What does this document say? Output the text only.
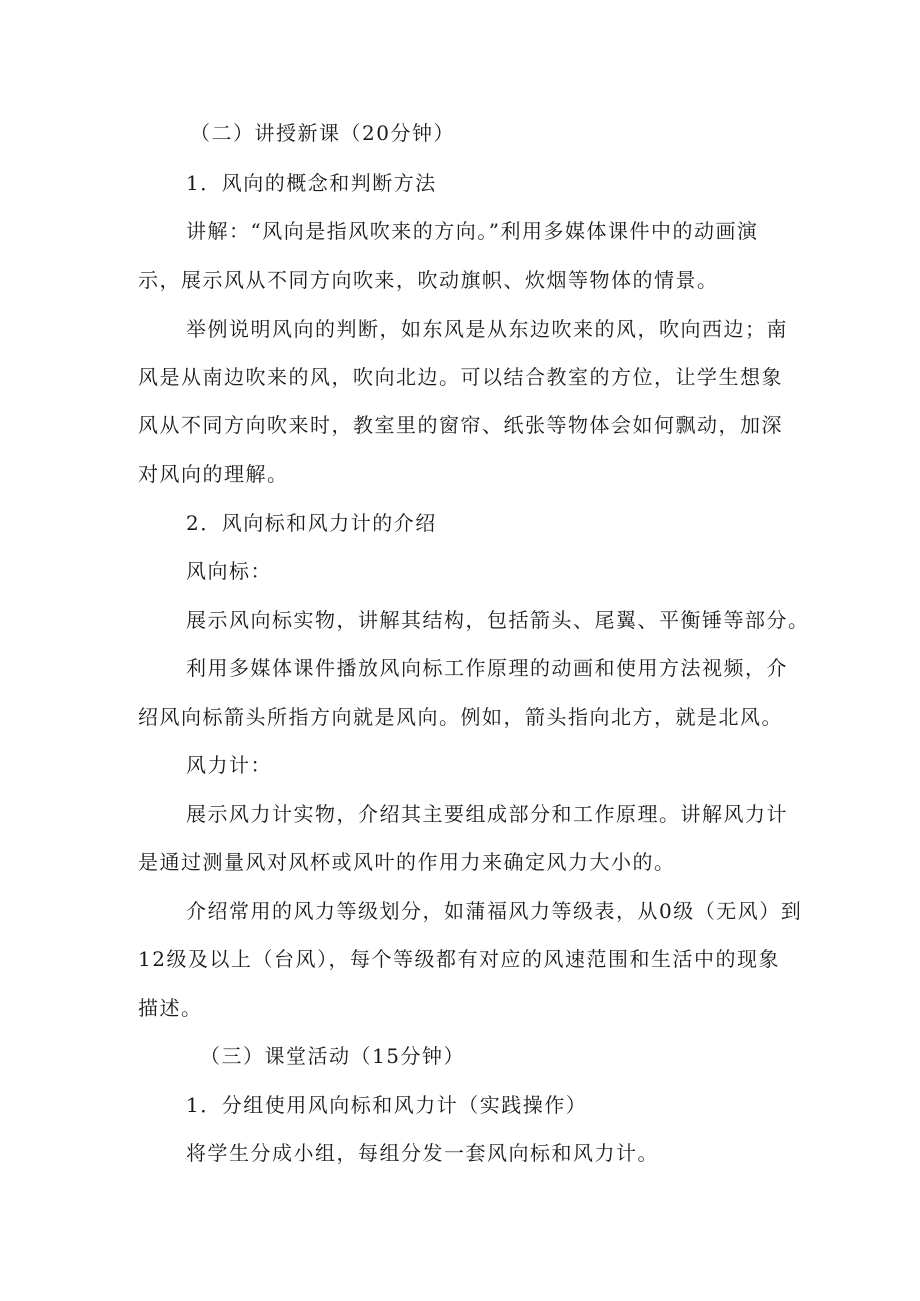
（二）讲授新课（20分钟）
1．风向的概念和判断方法
讲解：“风向是指风吹来的方向。”利用多媒体课件中的动画演
示，展示风从不同方向吹来，吹动旗帜、炊烟等物体的情景。
举例说明风向的判断，如东风是从东边吹来的风，吹向西边；南
风是从南边吹来的风，吹向北边。可以结合教室的方位，让学生想象
风从不同方向吹来时，教室里的窗帘、纸张等物体会如何飘动，加深
对风向的理解。
2．风向标和风力计的介绍
风向标：
展示风向标实物，讲解其结构，包括箭头、尾翼、平衡锤等部分。
利用多媒体课件播放风向标工作原理的动画和使用方法视频，介
绍风向标箭头所指方向就是风向。例如，箭头指向北方，就是北风。
风力计：
展示风力计实物，介绍其主要组成部分和工作原理。讲解风力计
是通过测量风对风杯或风叶的作用力来确定风力大小的。
介绍常用的风力等级划分，如蒲福风力等级表，从0级（无风）到
12级及以上（台风），每个等级都有对应的风速范围和生活中的现象
描述。
（三）课堂活动（15分钟）
1．分组使用风向标和风力计（实践操作）
将学生分成小组，每组分发一套风向标和风力计。
